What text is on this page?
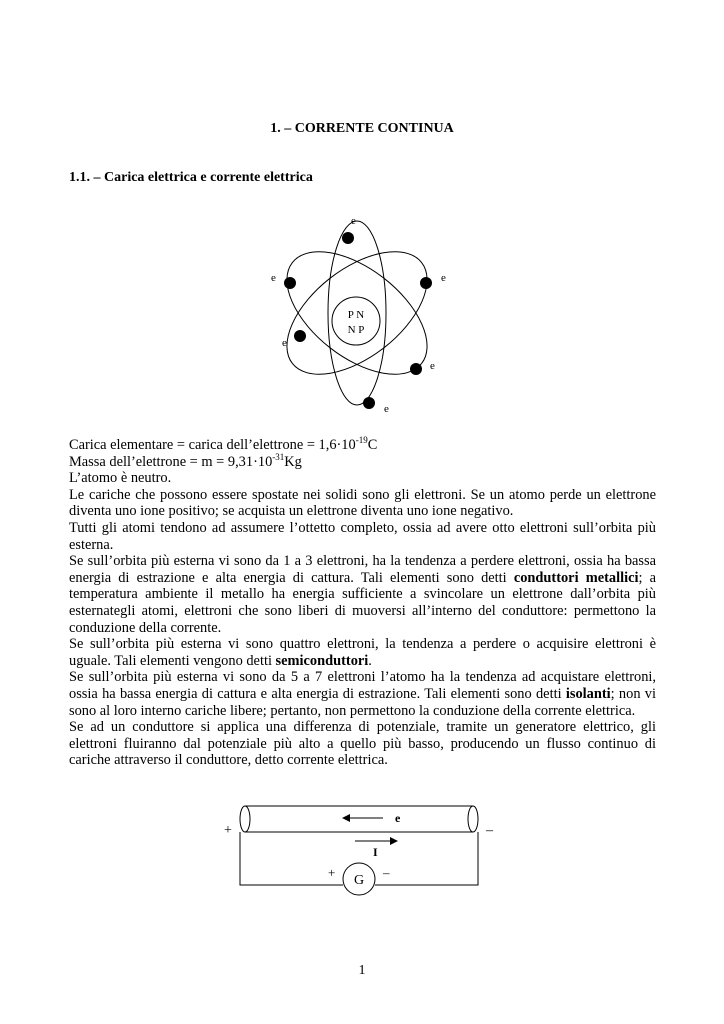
1. – CORRENTE CONTINUA
1.1. – Carica elettrica e corrente elettrica
P N
N P
e
e	e
e
e
e
Carica elementare = carica dell’elettrone = $1,6\cdot 10^{-19}C$
Massa dell’elettrone = $m = 9,31\cdot 10^{-31}Kg$
L’atomo è neutro.
Le cariche che possono essere spostate nei solidi sono gli elettroni. Se un atomo perde un elettrone diventa uno ione positivo; se acquista un elettrone diventa uno ione negativo.
Tutti gli atomi tendono ad assumere l’ottetto completo, ossia ad avere otto elettroni sull’orbita più esterna.
Se sull’orbita più esterna vi sono da 1 a 3 elettroni, ha la tendenza a perdere elettroni, ossia ha bassa energia di estrazione e alta energia di cattura. Tali elementi sono detti conduttori metallici; a temperatura ambiente il metallo ha energia sufficiente a svincolare un elettrone dall’orbita più esternategli atomi, elettroni che sono liberi di muoversi all’interno del conduttore: permettono la conduzione della corrente.
Se sull’orbita più esterna vi sono quattro elettroni, la tendenza a perdere o acquisire elettroni è uguale. Tali elementi vengono detti semiconduttori.
Se sull’orbita più esterna vi sono da 5 a 7 elettroni l’atomo ha la tendenza ad acquistare elettroni, ossia ha bassa energia di cattura e alta energia di estrazione. Tali elementi sono detti isolanti; non vi sono al loro interno cariche libere; pertanto, non permettono la conduzione della corrente elettrica.
Se ad un conduttore si applica una differenza di potenziale, tramite un generatore elettrico, gli elettroni fluiranno dal potenziale più alto a quello più basso, producendo un flusso continuo di cariche attraverso il conduttore, detto corrente elettrica.
e
I
G
+	–
+	–
1
